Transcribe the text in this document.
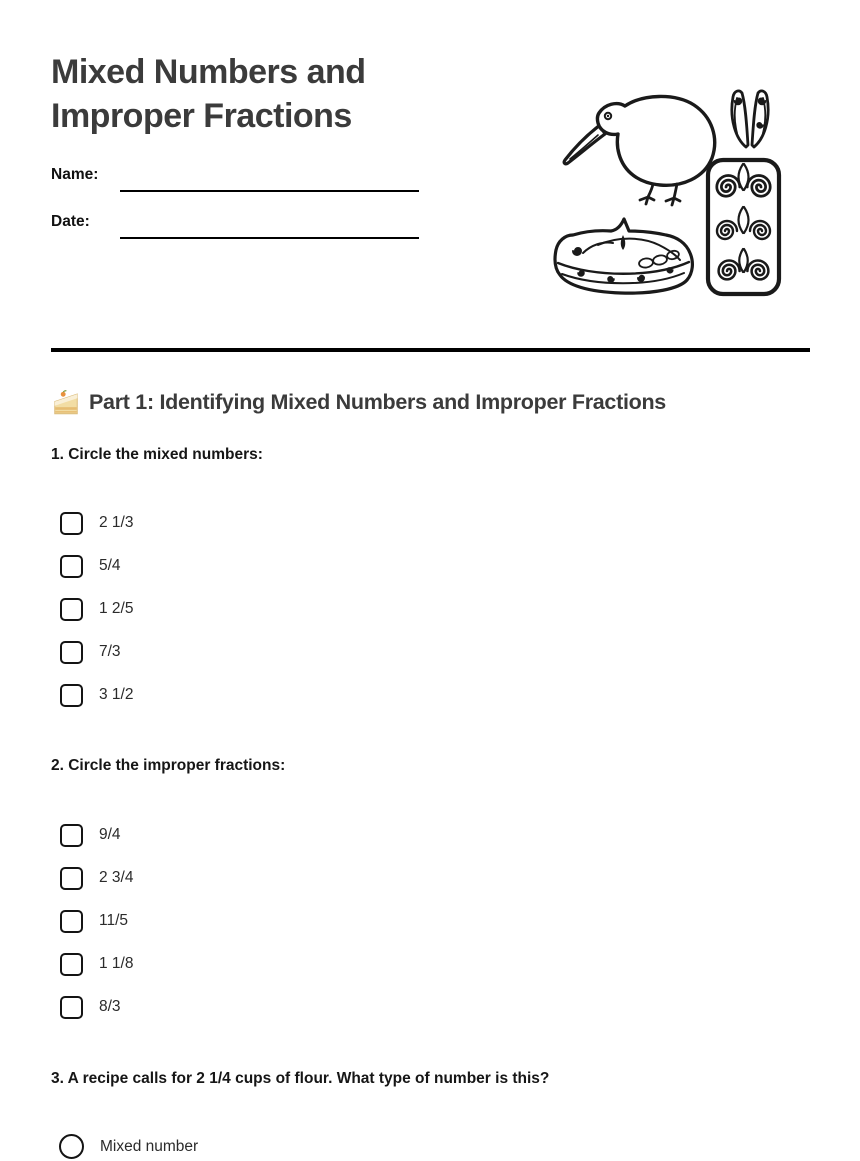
Mixed Numbers and
Improper Fractions
Name:
Date:
Part 1: Identifying Mixed Numbers and Improper Fractions
1. Circle the mixed numbers:
2 1/3
5/4
1 2/5
7/3
3 1/2
2. Circle the improper fractions:
9/4
2 3/4
11/5
1 1/8
8/3
3. A recipe calls for 2 1/4 cups of flour. What type of number is this?
Mixed number
